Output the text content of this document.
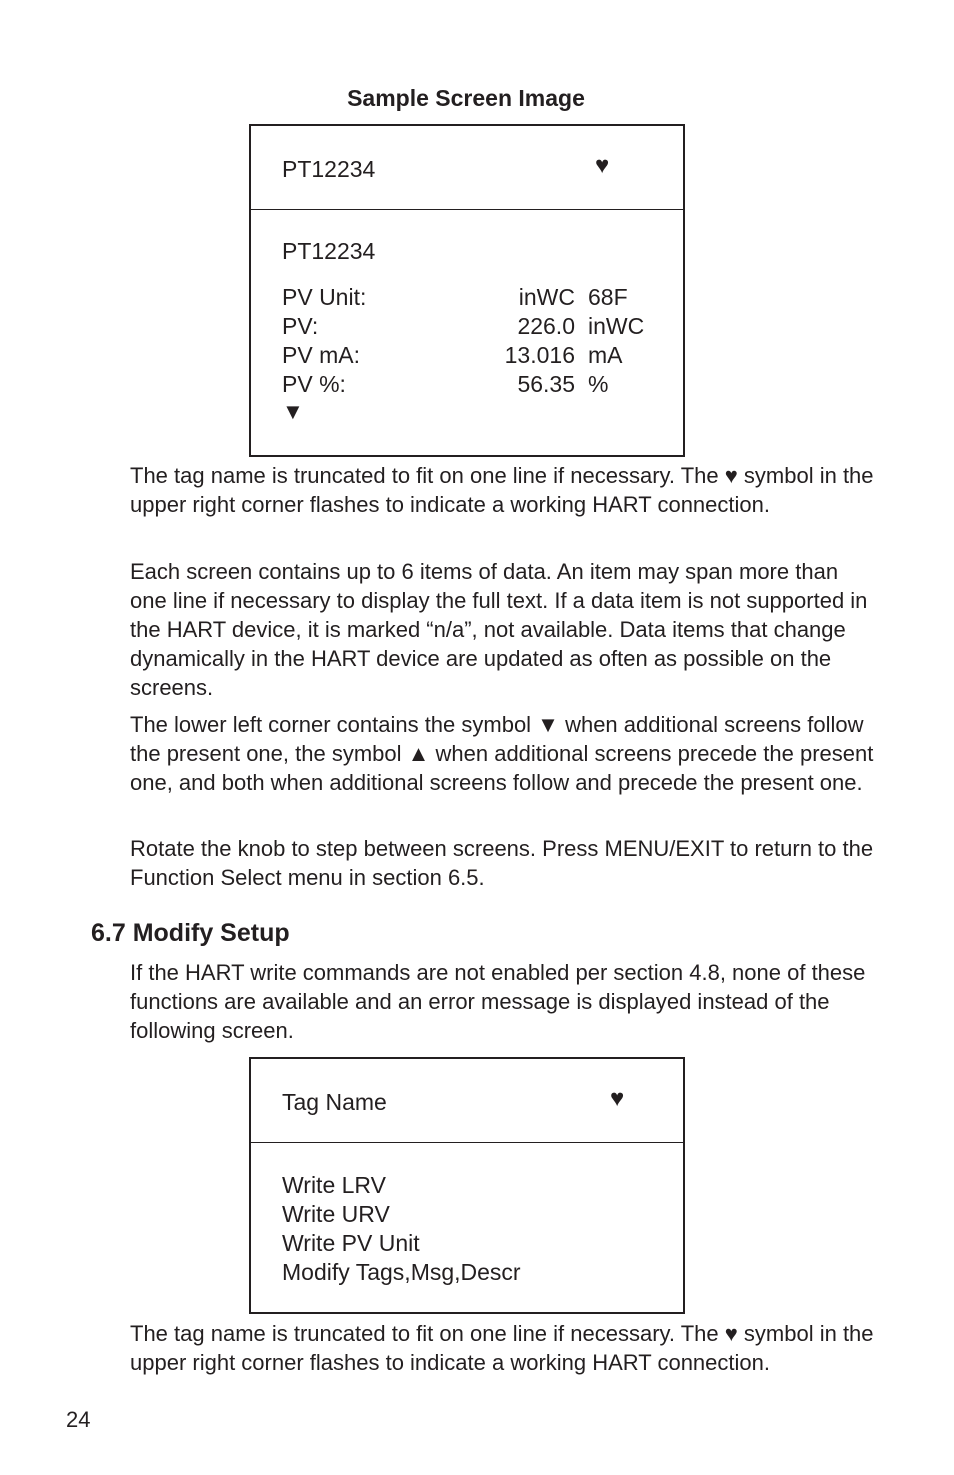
Sample Screen Image
PT12234	♥
PT12234
PV Unit:	inWC 68F
PV:	226.0 inWC
PV mA:	13.016 mA
PV %:	56.35 %
▼

The tag name is truncated to fit on one line if necessary. The ♥ symbol in the upper right corner flashes to indicate a working HART connection.

Each screen contains up to 6 items of data. An item may span more than one line if necessary to display the full text. If a data item is not supported in the HART device, it is marked “n/a”, not available. Data items that change dynamically in the HART device are updated as often as possible on the screens.

The lower left corner contains the symbol ▼ when additional screens follow the present one, the symbol ▲ when additional screens precede the present one, and both when additional screens follow and precede the present one.

Rotate the knob to step between screens. Press MENU/EXIT to return to the Function Select menu in section 6.5.

6.7 Modify Setup

If the HART write commands are not enabled per section 4.8, none of these functions are available and an error message is displayed instead of the following screen.

Tag Name	♥
Write LRV
Write URV
Write PV Unit
Modify Tags,Msg,Descr

The tag name is truncated to fit on one line if necessary. The ♥ symbol in the upper right corner flashes to indicate a working HART connection.

24
